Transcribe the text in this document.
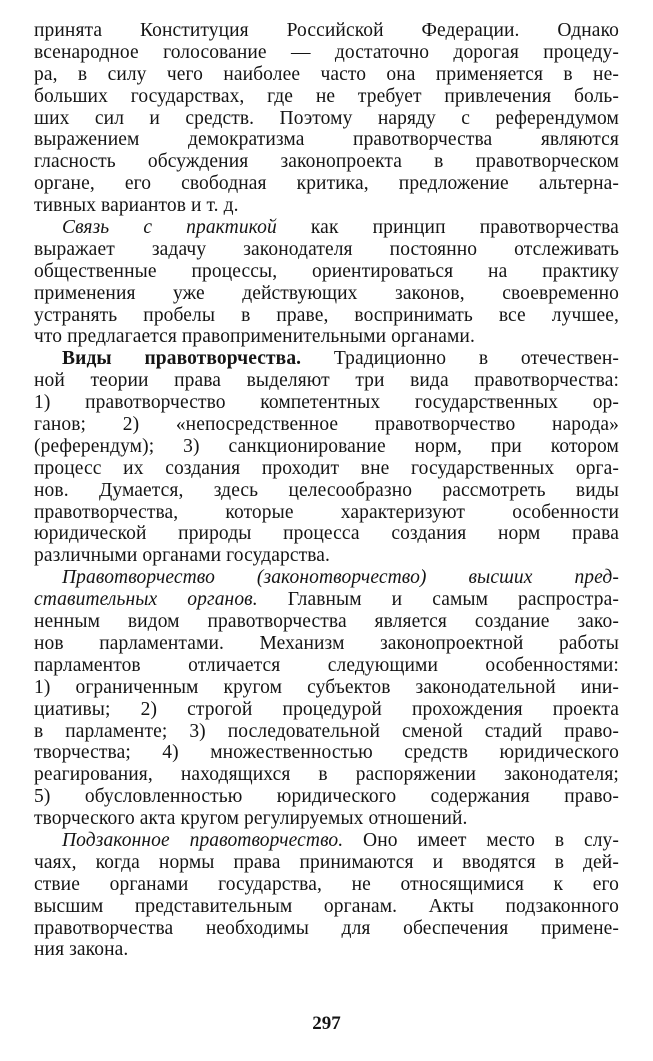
принята Конституция Российской Федерации. Однако
всенародное голосование — достаточно дорогая процеду-
ра, в силу чего наиболее часто она применяется в не-
больших государствах, где не требует привлечения боль-
ших сил и средств. Поэтому наряду с референдумом
выражением демократизма правотворчества являются
гласность обсуждения законопроекта в правотворческом
органе, его свободная критика, предложение альтерна-
тивных вариантов и т. д.
Связь с практикой как принцип правотворчества
выражает задачу законодателя постоянно отслеживать
общественные процессы, ориентироваться на практику
применения уже действующих законов, своевременно
устранять пробелы в праве, воспринимать все лучшее,
что предлагается правоприменительными органами.
Виды правотворчества. Традиционно в отечествен-
ной теории права выделяют три вида правотворчества:
1) правотворчество компетентных государственных ор-
ганов; 2) «непосредственное правотворчество народа»
(референдум); 3) санкционирование норм, при котором
процесс их создания проходит вне государственных орга-
нов. Думается, здесь целесообразно рассмотреть виды
правотворчества, которые характеризуют особенности
юридической природы процесса создания норм права
различными органами государства.
Правотворчество (законотворчество) высших пред-
ставительных органов. Главным и самым распростра-
ненным видом правотворчества является создание зако-
нов парламентами. Механизм законопроектной работы
парламентов отличается следующими особенностями:
1) ограниченным кругом субъектов законодательной ини-
циативы; 2) строгой процедурой прохождения проекта
в парламенте; 3) последовательной сменой стадий право-
творчества; 4) множественностью средств юридического
реагирования, находящихся в распоряжении законодателя;
5) обусловленностью юридического содержания право-
творческого акта кругом регулируемых отношений.
Подзаконное правотворчество. Оно имеет место в слу-
чаях, когда нормы права принимаются и вводятся в дей-
ствие органами государства, не относящимися к его
высшим представительным органам. Акты подзаконного
правотворчества необходимы для обеспечения примене-
ния закона.
297
